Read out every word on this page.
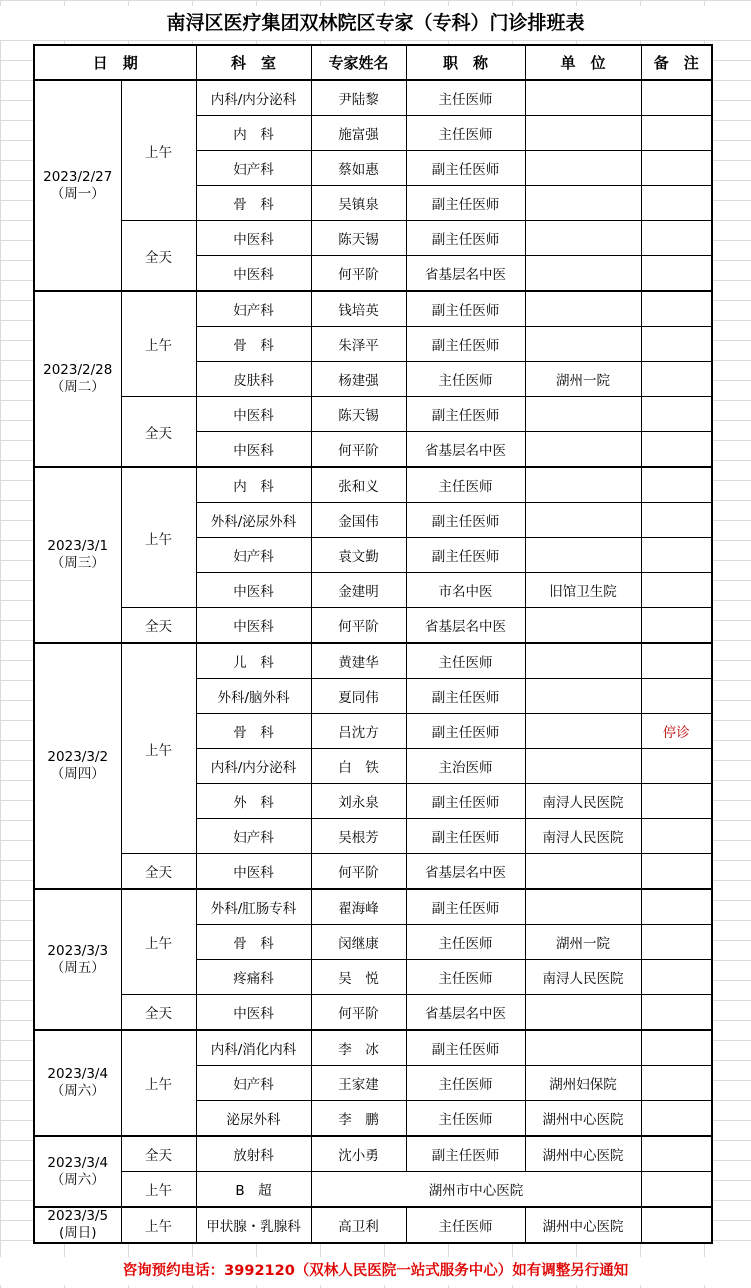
南浔区医疗集团双林院区专家（专科）门诊排班表
日　期		科　室	专家姓名	职　称	单　位	备　注
2023/2/27
（周一）	上午	内科/内分泌科	尹陆黎	主任医师		
		内　科	施富强	主任医师		
		妇产科	蔡如惠	副主任医师		
		骨　科	吴镇泉	副主任医师		
	全天	中医科	陈天锡	副主任医师		
		中医科	何平阶	省基层名中医		
2023/2/28
（周二）	上午	妇产科	钱培英	副主任医师		
		骨　科	朱泽平	副主任医师		
		皮肤科	杨建强	主任医师	湖州一院	
	全天	中医科	陈天锡	副主任医师		
		中医科	何平阶	省基层名中医		
2023/3/1
（周三）	上午	内　科	张和义	主任医师		
		外科/泌尿外科	金国伟	副主任医师		
		妇产科	袁文勤	副主任医师		
		中医科	金建明	市名中医	旧馆卫生院	
	全天	中医科	何平阶	省基层名中医		
2023/3/2
（周四）	上午	儿　科	黄建华	主任医师		
		外科/脑外科	夏同伟	副主任医师		
		骨　科	吕沈方	副主任医师		停诊
		内科/内分泌科	白　铁	主治医师		
		外　科	刘永泉	副主任医师	南浔人民医院	
		妇产科	吴根芳	副主任医师	南浔人民医院	
	全天	中医科	何平阶	省基层名中医		
2023/3/3
（周五）	上午	外科/肛肠专科	翟海峰	副主任医师		
		骨　科	闵继康	主任医师	湖州一院	
		疼痛科	吴　悦	主任医师	南浔人民医院	
	全天	中医科	何平阶	省基层名中医		
2023/3/4
（周六）	上午	内科/消化内科	李　冰	副主任医师		
		妇产科	王家建	主任医师	湖州妇保院	
		泌尿外科	李　鹏	主任医师	湖州中心医院	
2023/3/4
（周六）	全天	放射科	沈小勇	副主任医师	湖州中心医院	
	上午	B　超	湖州市中心医院			
2023/3/5
(周日)	上午	甲状腺・乳腺科	高卫利	主任医师	湖州中心医院	
咨询预约电话：3992120（双林人民医院一站式服务中心）如有调整另行通知
